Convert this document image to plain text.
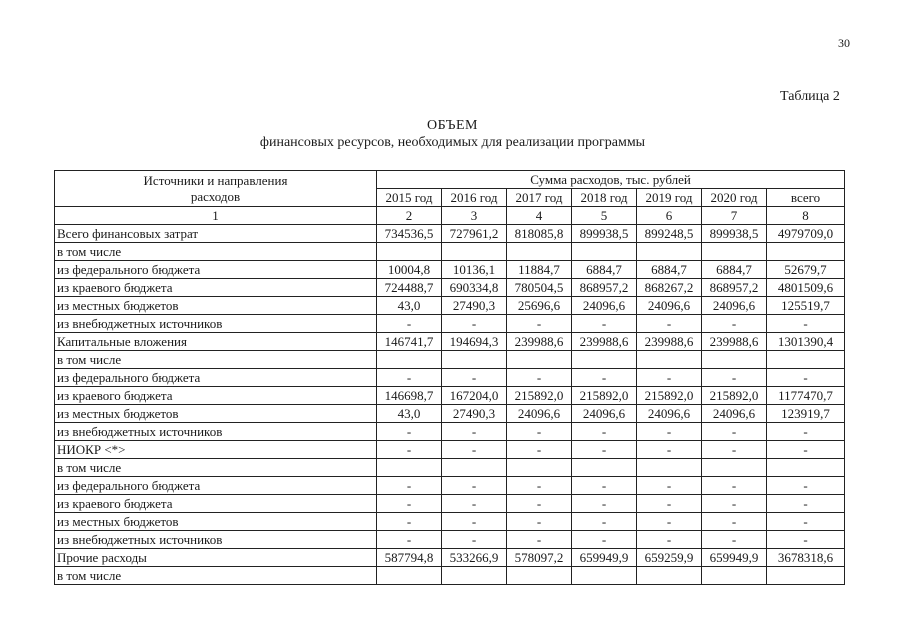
30
Таблица 2
ОБЪЕМ
финансовых ресурсов, необходимых для реализации программы
Источники и направления
расходов	Сумма расходов, тыс. рублей						
	2015 год	2016 год	2017 год	2018 год	2019 год	2020 год	всего
1	2	3	4	5	6	7	8
Всего финансовых затрат	734536,5	727961,2	818085,8	899938,5	899248,5	899938,5	4979709,0
в том числе							
из федерального бюджета	10004,8	10136,1	11884,7	6884,7	6884,7	6884,7	52679,7
из краевого бюджета	724488,7	690334,8	780504,5	868957,2	868267,2	868957,2	4801509,6
из местных бюджетов	43,0	27490,3	25696,6	24096,6	24096,6	24096,6	125519,7
из внебюджетных источников	-	-	-	-	-	-	-
Капитальные вложения	146741,7	194694,3	239988,6	239988,6	239988,6	239988,6	1301390,4
в том числе							
из федерального бюджета	-	-	-	-	-	-	-
из краевого бюджета	146698,7	167204,0	215892,0	215892,0	215892,0	215892,0	1177470,7
из местных бюджетов	43,0	27490,3	24096,6	24096,6	24096,6	24096,6	123919,7
из внебюджетных источников	-	-	-	-	-	-	-
НИОКР <*>	-	-	-	-	-	-	-
в том числе							
из федерального бюджета	-	-	-	-	-	-	-
из краевого бюджета	-	-	-	-	-	-	-
из местных бюджетов	-	-	-	-	-	-	-
из внебюджетных источников	-	-	-	-	-	-	-
Прочие расходы	587794,8	533266,9	578097,2	659949,9	659259,9	659949,9	3678318,6
в том числе							
